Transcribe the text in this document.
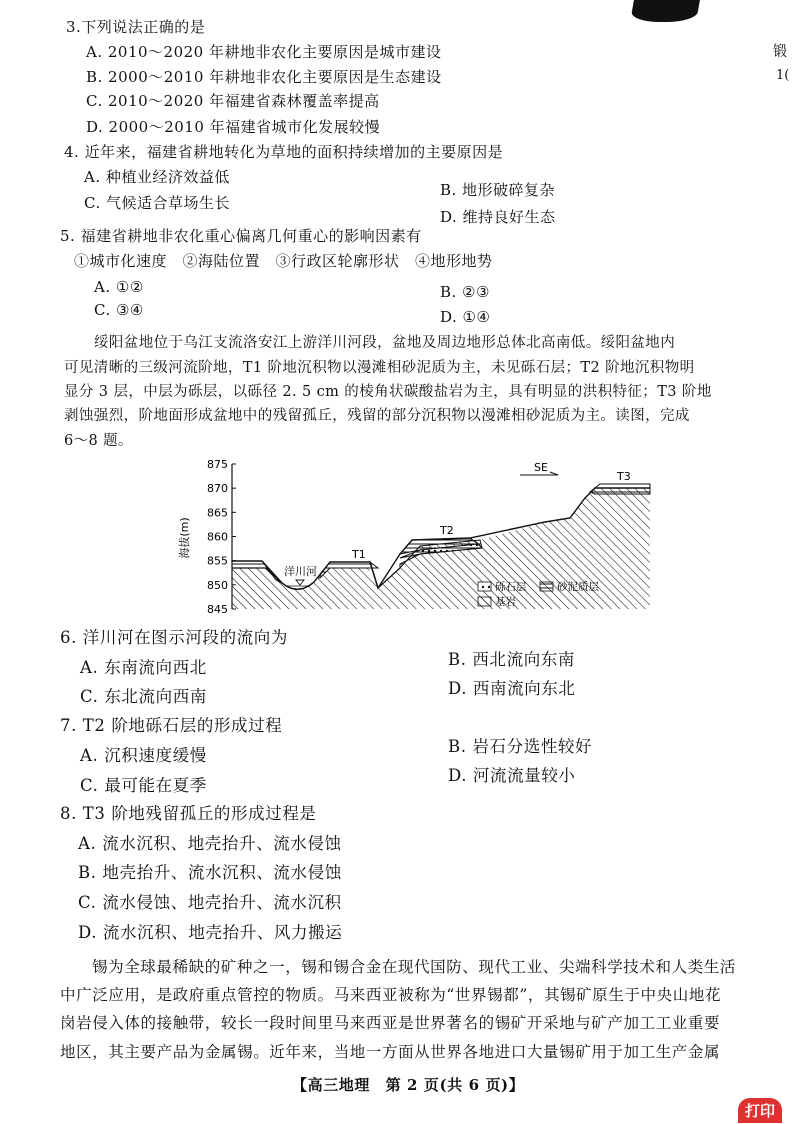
锻
1(
3.下列说法正确的是
A. 2010～2020 年耕地非农化主要原因是城市建设
B. 2000～2010 年耕地非农化主要原因是生态建设
C. 2010～2020 年福建省森林覆盖率提高
D. 2000～2010 年福建省城市化发展较慢
4. 近年来，福建省耕地转化为草地的面积持续增加的主要原因是
A. 种植业经济效益低
B. 地形破碎复杂
C. 气候适合草场生长
D. 维持良好生态
5. 福建省耕地非农化重心偏离几何重心的影响因素有
①城市化速度　②海陆位置　③行政区轮廓形状　④地形地势
A. ①②	B. ②③
C. ③④	D. ①④
绥阳盆地位于乌江支流洛安江上游洋川河段，盆地及周边地形总体北高南低。绥阳盆地内
可见清晰的三级河流阶地，T1 阶地沉积物以漫滩相砂泥质为主，未见砾石层；T2 阶地沉积物明
显分 3 层，中层为砾层，以砾径 2. 5 cm 的棱角状碳酸盐岩为主，具有明显的洪积特征；T3 阶地
剥蚀强烈，阶地面形成盆地中的残留孤丘，残留的部分沉积物以漫滩相砂泥质为主。读图，完成
6～8 题。
875
870
865
860
855
850
845
海拔(m)
洋川河
T1
T2
T3
SE
砾石层	砂泥质层
基岩
6. 洋川河在图示河段的流向为
A. 东南流向西北	B. 西北流向东南
C. 东北流向西南	D. 西南流向东北
7. T2 阶地砾石层的形成过程
A. 沉积速度缓慢	B. 岩石分选性较好
C. 最可能在夏季
D. 河流流量较小
8. T3 阶地残留孤丘的形成过程是
A. 流水沉积、地壳抬升、流水侵蚀
B. 地壳抬升、流水沉积、流水侵蚀
C. 流水侵蚀、地壳抬升、流水沉积
D. 流水沉积、地壳抬升、风力搬运
锡为全球最稀缺的矿种之一，锡和锡合金在现代国防、现代工业、尖端科学技术和人类生活
中广泛应用，是政府重点管控的物质。马来西亚被称为“世界锡都”，其锡矿原生于中央山地花
岗岩侵入体的接触带，较长一段时间里马来西亚是世界著名的锡矿开采地与矿产加工工业重要
地区，其主要产品为金属锡。近年来，当地一方面从世界各地进口大量锡矿用于加工生产金属
【高三地理　第 2 页(共 6 页)】
打印
